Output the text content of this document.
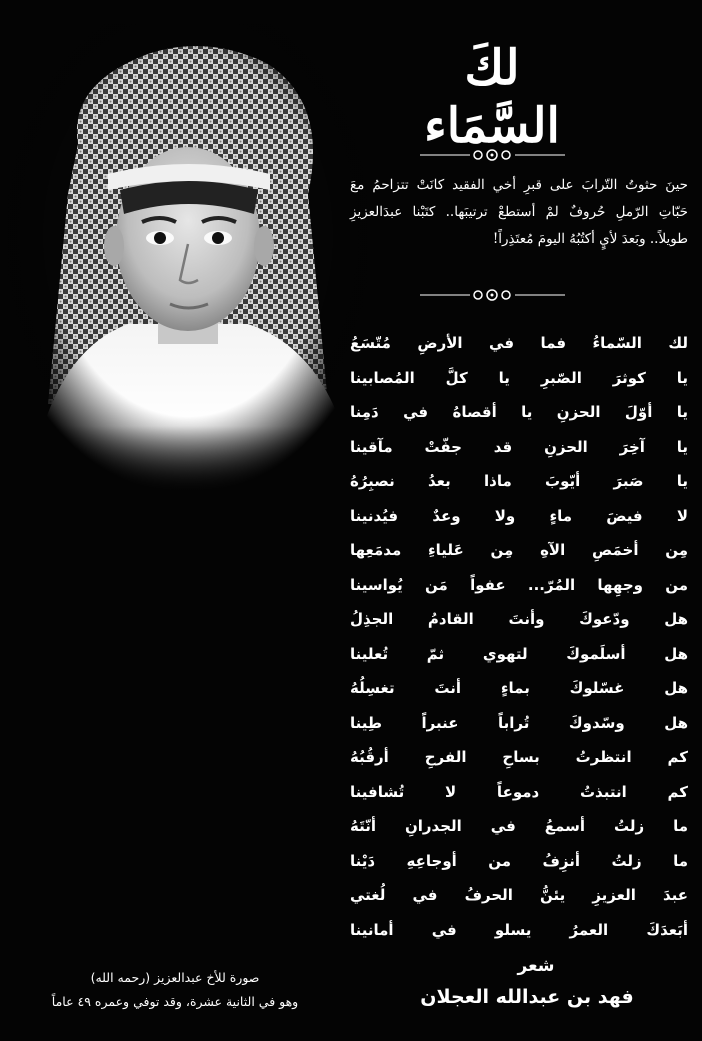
لكَ السَّمَاء
حينَ حثوتُ التّرابَ على قبرِ أخي الفقيد كانَتْ تتزاحمُ معَ حَبّاتِ الرّملِ حُروفٌ لمْ أستطعْ ترتيبَها.. كتَبْنا عبدَالعزيزِ طويلاً.. وبَعدَ لأيٍ أكتُبُهُ اليومَ مُعتَذِراً!
لك السّماءُ فما في الأرضِ مُتّسَعُ
يا كوثرَ الصّبرِ يا كلَّ المُصابينا
يا أوّلَ الحزنِ يا أقصاهُ في دَمِنا
يا آخِرَ الحزنِ قد جفّتْ مآقينا
يا صَبرَ أيّوبَ ماذا بعدُ نصبِرُهُ
لا فيضَ ماءٍ ولا وعدٌ فيُدنينا
مِن أخمَصِ الآهِ مِن عَلياءِ مدمَعِها
من وجهِها المُرّ... عفواً مَن يُواسينا
هل ودّعوكَ وأنتَ القادمُ الجذِلُ
هل أسلَموكَ لتهوي ثمّ تُعلينا
هل غسّلوكَ بماءٍ أنتَ تغسِلُهُ
هل وسّدوكَ تُراباً عنبراً طِينا
كم انتظرتُ بساحِ الفرحِ أرقُبُهُ
كم انتبذتُ دموعاً لا تُشافينا
ما زلتُ أسمعُ في الجدرانِ أنّتَهُ
ما زلتُ أنزِفُ من أوجاعِهِ دَيْنا
عبدَ العزيزِ يئنُّ الحرفُ في لُغتي
أبَعدَكَ العمرُ يسلو في أمانينا
شعر
فهد بن عبدالله العجلان
صورة للأخ عبدالعزيز (رحمه الله)
وهو في الثانية عشرة، وقد توفي وعمره ٤٩ عاماً
